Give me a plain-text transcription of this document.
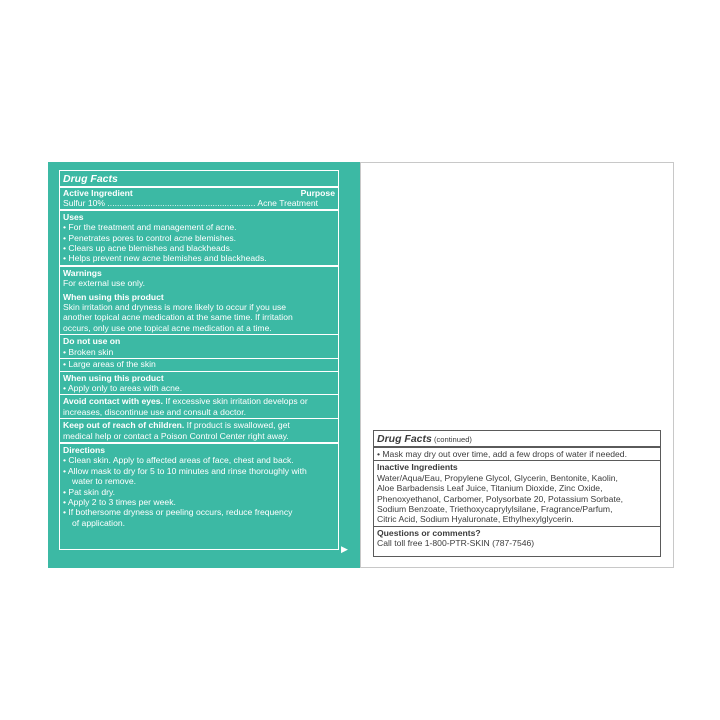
Drug Facts
Active Ingredient	Purpose
Sulfur 10% .............................................................. Acne Treatment
Uses
• For the treatment and management of acne.
• Penetrates pores to control acne blemishes.
• Clears up acne blemishes and blackheads.
• Helps prevent new acne blemishes and blackheads.
Warnings
For external use only.
When using this product
Skin irritation and dryness is more likely to occur if you use
another topical acne medication at the same time. If irritation
occurs, only use one topical acne medication at a time.
Do not use on
• Broken skin
• Large areas of the skin
When using this product
• Apply only to areas with acne.
Avoid contact with eyes. If excessive skin irritation develops or
increases, discontinue use and consult a doctor.
Keep out of reach of children. If product is swallowed, get
medical help or contact a Poison Control Center right away.
Directions
• Clean skin. Apply to affected areas of face, chest and back.
• Allow mask to dry for 5 to 10 minutes and rinse thoroughly with
water to remove.
• Pat skin dry.
• Apply 2 to 3 times per week.
• If bothersome dryness or peeling occurs, reduce frequency
of application.
▶
Drug Facts (continued)
• Mask may dry out over time, add a few drops of water if needed.
Inactive Ingredients
Water/Aqua/Eau, Propylene Glycol, Glycerin, Bentonite, Kaolin,
Aloe Barbadensis Leaf Juice, Titanium Dioxide, Zinc Oxide,
Phenoxyethanol, Carbomer, Polysorbate 20, Potassium Sorbate,
Sodium Benzoate, Triethoxycaprylylsilane, Fragrance/Parfum,
Citric Acid, Sodium Hyaluronate, Ethylhexylglycerin.
Questions or comments?
Call toll free 1-800-PTR-SKIN (787-7546)
